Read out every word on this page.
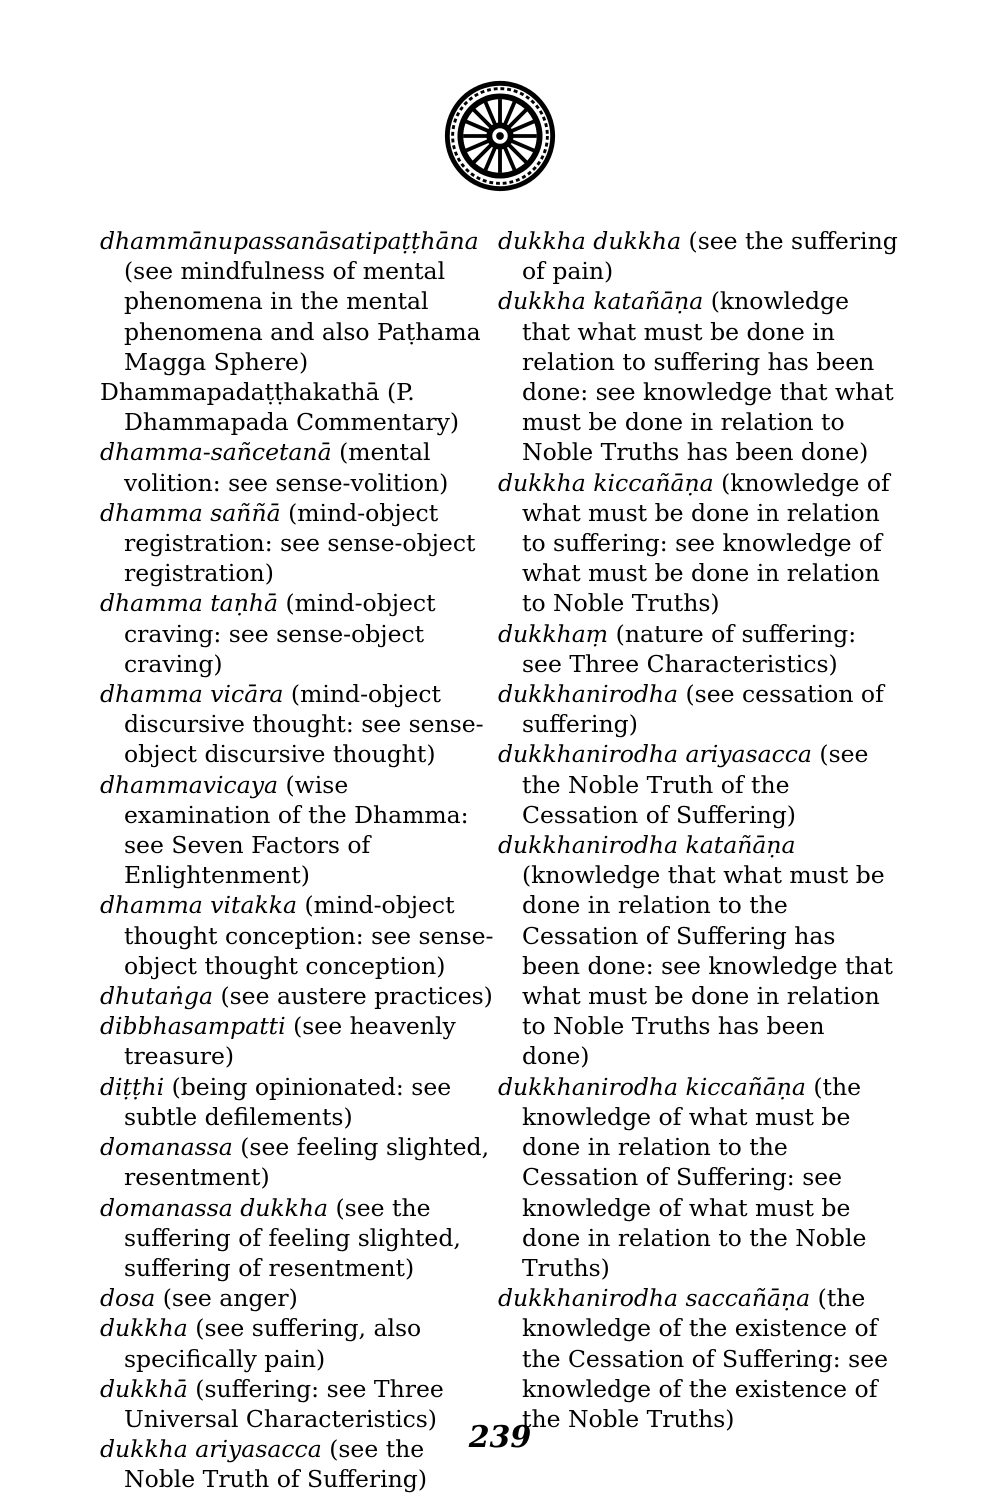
dhammānupassanāsatipaṭṭhāna (see mindfulness of mental phenomena in the mental phenomena and also Paṭhama Magga Sphere)

Dhammapadaṭṭhakathā (P. Dhammapada Commentary)

dhamma-sañcetanā (mental volition: see sense-volition)

dhamma saññā (mind-object registration: see sense-object registration)

dhamma taṇhā (mind-object craving: see sense-object craving)

dhamma vicāra (mind-object discursive thought: see sense-object discursive thought)

dhammavicaya (wise examination of the Dhamma: see Seven Factors of Enlightenment)

dhamma vitakka (mind-object thought conception: see sense-object thought conception)

dhutaṅga (see austere practices)

dibbhasampatti (see heavenly treasure)

diṭṭhi (being opinionated: see subtle defilements)

domanassa (see feeling slighted, resentment)

domanassa dukkha (see the suffering of feeling slighted, suffering of resentment)

dosa (see anger)

dukkha (see suffering, also specifically pain)

dukkhā (suffering: see Three Universal Characteristics)

dukkha ariyasacca (see the Noble Truth of Suffering)

dukkha dukkha (see the suffering of pain)

dukkha katañāṇa (knowledge that what must be done in relation to suffering has been done: see knowledge that what must be done in relation to Noble Truths has been done)

dukkha kiccañāṇa (knowledge of what must be done in relation to suffering: see knowledge of what must be done in relation to Noble Truths)

dukkhaṃ (nature of suffering: see Three Characteristics)

dukkhanirodha (see cessation of suffering)

dukkhanirodha ariyasacca (see the Noble Truth of the Cessation of Suffering)

dukkhanirodha katañāṇa (knowledge that what must be done in relation to the Cessation of Suffering has been done: see knowledge that what must be done in relation to Noble Truths has been done)

dukkhanirodha kiccañāṇa (the knowledge of what must be done in relation to the Cessation of Suffering: see knowledge of what must be done in relation to the Noble Truths)

dukkhanirodha saccañāṇa (the knowledge of the existence of the Cessation of Suffering: see knowledge of the existence of the Noble Truths)

239
